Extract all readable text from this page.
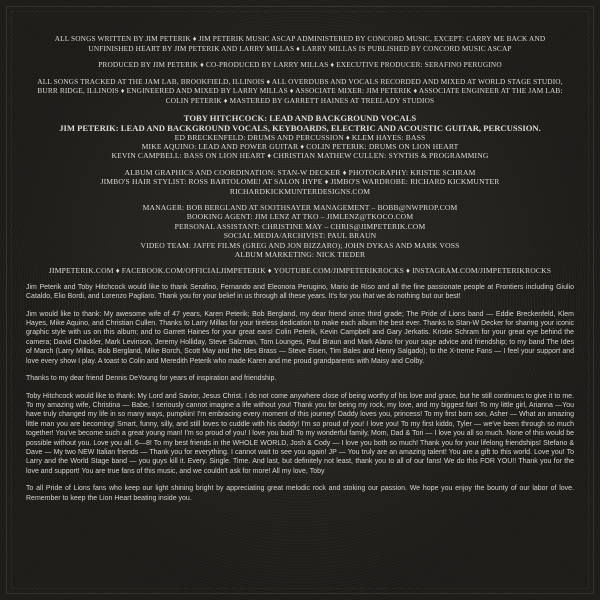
ALL SONGS WRITTEN BY JIM PETERIK ♦ JIM PETERIK MUSIC ASCAP ADMINISTERED BY CONCORD MUSIC, EXCEPT: CARRY ME BACK AND UNFINISHED HEART BY JIM PETERIK AND LARRY MILLAS ♦ LARRY MILLAS IS PUBLISHED BY CONCORD MUSIC ASCAP

PRODUCED BY JIM PETERIK ♦ CO-PRODUCED BY LARRY MILLAS ♦ EXECUTIVE PRODUCER: SERAFINO PERUGINO

ALL SONGS TRACKED AT THE JAM LAB, BROOKFIELD, ILLINOIS ♦ ALL OVERDUBS AND VOCALS RECORDED AND MIXED AT WORLD STAGE STUDIO, BURR RIDGE, ILLINOIS ♦ ENGINEERED AND MIXED BY LARRY MILLAS ♦ ASSOCIATE MIXER: JIM PETERIK ♦ ASSOCIATE ENGINEER AT THE JAM LAB: COLIN PETERIK ♦ MASTERED BY GARRETT HAINES AT TREELADY STUDIOS

TOBY HITCHCOCK: LEAD AND BACKGROUND VOCALS

JIM PETERIK: LEAD AND BACKGROUND VOCALS, KEYBOARDS, ELECTRIC AND ACOUSTIC GUITAR, PERCUSSION.

ED BRECKENFELD: DRUMS AND PERCUSSION ♦ KLEM HAYES: BASS

MIKE AQUINO: LEAD AND POWER GUITAR ♦ COLIN PETERIK: DRUMS ON LION HEART

KEVIN CAMPBELL: BASS ON LION HEART ♦ CHRISTIAN MATHEW CULLEN: SYNTHS & PROGRAMMING

ALBUM GRAPHICS AND COORDINATION: STAN-W DECKER ♦ PHOTOGRAPHY: KRISTIE SCHRAM

JIMBO'S HAIR STYLIST: ROSS BARTOLOME! AT SALON HYPE ♦ JIMBO'S WARDROBE: RICHARD KICKMUNTER RICHARDKICKMUNTERDESIGNS.COM

MANAGER: BOB BERGLAND AT SOOTHSAYER MANAGEMENT – BOBB@NWPROP.COM

BOOKING AGENT: JIM LENZ AT TKO – JIMLENZ@TKOCO.COM

PERSONAL ASSISTANT: CHRISTINE MAY – CHRIS@JIMPETERIK.COM

SOCIAL MEDIA/ARCHIVIST: PAUL BRAUN

VIDEO TEAM: JAFFE FILMS (GREG AND JON BIZZARO); JOHN DYKAS AND MARK VOSS

ALBUM MARKETING: NICK TIEDER

JIMPETERIK.COM ♦ FACEBOOK.COM/OFFICIALJIMPETERIK ♦ YOUTUBE.COM/JIMPETERIKROCKS ♦ INSTAGRAM.COM/JIMPETERIKROCKS

Jim Peterik and Toby Hitchcock would like to thank Serafino, Fernando and Eleonora Perugino, Mario de Riso and all the fine passionate people at Frontiers including Giulio Cataldo, Elio Bordi, and Lorenzo Pagliaro. Thank you for your belief in us through all these years. It's for you that we do nothing but our best!

Jim would like to thank: My awesome wife of 47 years, Karen Peterik; Bob Bergland, my dear friend since third grade; The Pride of Lions band — Eddie Breckenfeld, Klem Hayes, Mike Aquino, and Christian Cullen. Thanks to Larry Millas for your tireless dedication to make each album the best ever. Thanks to Stan-W Decker for sharing your iconic graphic style with us on this album; and to Garrett Haines for your great ears! Colin Peterik, Kevin Campbell and Gary Jerkatis. Kristie Schram for your great eye behind the camera; David Chackler, Mark Levinson, Jeremy Holliday, Steve Salzman, Tom Lounges, Paul Braun and Mark Alano for your sage advice and friendship; to my band The Ides of March (Larry Millas, Bob Bergland, Mike Borch, Scott May and the Ides Brass — Steve Eisen, Tim Bales and Henry Salgado); to the X-treme Fans — I feel your support and love every show I play. A toast to Colin and Meredith Peterik who made Karen and me proud grandparents with Maisy and Colby.

Thanks to my dear friend Dennis DeYoung for years of inspiration and friendship.

Toby Hitchcock would like to thank: My Lord and Savior, Jesus Christ. I do not come anywhere close of being worthy of his love and grace, but he still continues to give it to me. To my amazing wife, Christina — Babe, I seriously cannot imagine a life without you! Thank you for being my rock, my love, and my biggest fan! To my little girl, Arianna —You have truly changed my life in so many ways, pumpkin! I'm embracing every moment of this journey! Daddy loves you, princess! To my first born son, Asher — What an amazing little man you are becoming! Smart, funny, silly, and still loves to cuddle with his daddy! I'm so proud of you! I love you! To my first kiddo, Tyler — we've been through so much together! You've become such a great young man! I'm so proud of you! I love you bud! To my wonderful family, Mom, Dad & Tori — I love you all so much. None of this would be possible without you. Love you all. 6—8! To my best friends in the WHOLE WORLD, Josh & Cody — I love you both so much! Thank you for your lifelong friendships! Stefano & Dave — My two NEW Italian friends — Thank you for everything. I cannot wait to see you again! JP — You truly are an amazing talent! You are a gift to this world. Love you! To Larry and the World Stage band — you guys kill it. Every. Single. Time. And last, but definitely not least, thank you to all of our fans! We do this FOR YOU!! Thank you for the love and support! You are true fans of this music, and we couldn't ask for more! All my love, Toby

To all Pride of Lions fans who keep our light shining bright by appreciating great melodic rock and stoking our passion. We hope you enjoy the bounty of our labor of love. Remember to keep the Lion Heart beating inside you.
